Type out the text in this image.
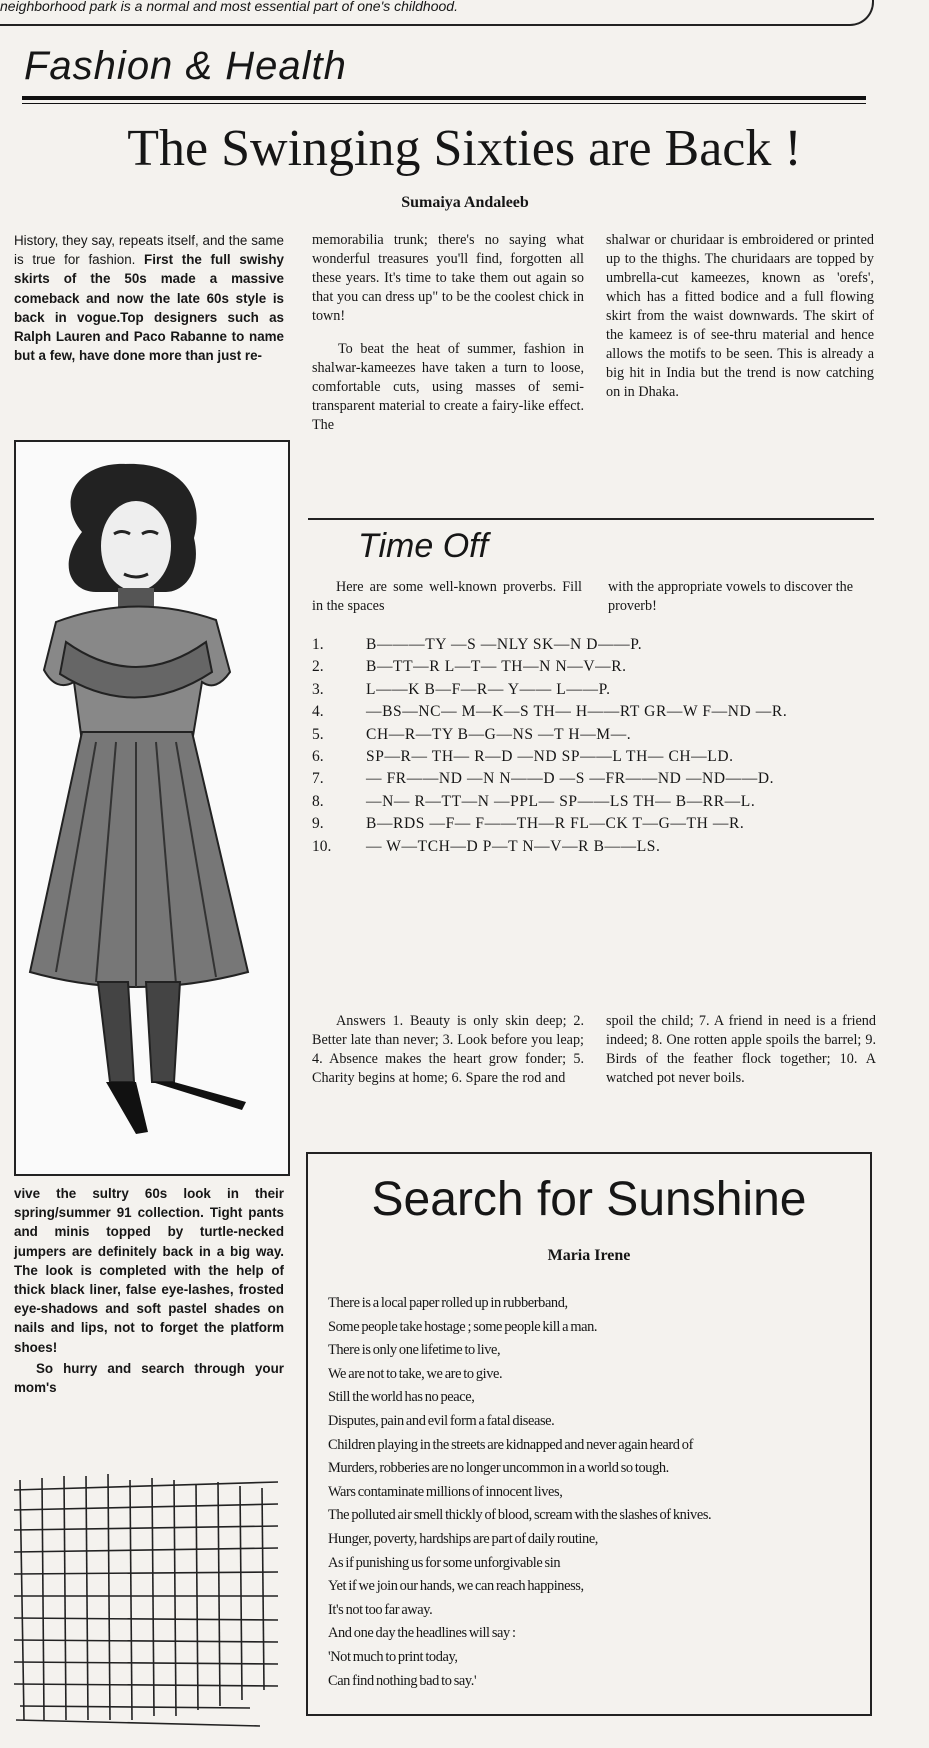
neighborhood park is a normal and most essential part of one's childhood.
Fashion & Health
The Swinging Sixties are Back !
Sumaiya Andaleeb

History, they say, repeats itself, and the same is true for fashion. First the full swishy skirts of the 50s made a massive comeback and now the late 60s style is back in vogue.Top designers such as Ralph Lauren and Paco Rabanne to name but a few, have done more than just re-

vive the sultry 60s look in their spring/summer 91 collection. Tight pants and minis topped by turtle-necked jumpers are definitely back in a big way. The look is completed with the help of thick black liner, false eye-lashes, frosted eye-shadows and soft pastel shades on nails and lips, not to forget the platform shoes!

So hurry and search through your mom's

memorabilia trunk; there's no saying what wonderful treasures you'll find, forgotten all these years. It's time to take them out again so that you can dress up" to be the coolest chick in town!

To beat the heat of summer, fashion in shalwar-kameezes have taken a turn to loose, comfortable cuts, using masses of semi-transparent material to create a fairy-like effect. The

shalwar or churidaar is embroidered or printed up to the thighs. The churidaars are topped by umbrella-cut kameezes, known as 'orefs', which has a fitted bodice and a full flowing skirt from the waist downwards. The skirt of the kameez is of see-thru material and hence allows the motifs to be seen. This is already a big hit in India but the trend is now catching on in Dhaka.

Time Off
Here are some well-known proverbs. Fill in the spaces
with the appropriate vowels to discover the proverb!
1.	B———TY —S —NLY SK—N D——P.
2.	B—TT—R L—T— TH—N N—V—R.
3.	L——K B—F—R— Y—— L——P.
4.	—BS—NC— M—K—S TH— H——RT GR—W F—ND —R.
5.	CH—R—TY B—G—NS —T H—M—.
6.	SP—R— TH— R—D —ND SP——L TH— CH—LD.
7.	— FR——ND —N N——D —S —FR——ND —ND——D.
8.	—N— R—TT—N —PPL— SP——LS TH— B—RR—L.
9.	B—RDS —F— F——TH—R FL—CK T—G—TH —R.
10.	— W—TCH—D P—T N—V—R B——LS.
Answers 1. Beauty is only skin deep; 2. Better late than never; 3. Look before you leap; 4. Absence makes the heart grow fonder; 5. Charity begins at home; 6. Spare the rod and
spoil the child; 7. A friend in need is a friend indeed; 8. One rotten apple spoils the barrel; 9. Birds of the feather flock together; 10. A watched pot never boils.
Search for Sunshine
Maria Irene
There is a local paper rolled up in rubberband,
Some people take hostage ; some people kill a man.
There is only one lifetime to live,
We are not to take, we are to give.
Still the world has no peace,
Disputes, pain and evil form a fatal disease.
Children playing in the streets are kidnapped and never again heard of
Murders, robberies are no longer uncommon in a world so tough.
Wars contaminate millions of innocent lives,
The polluted air smell thickly of blood, scream with the slashes of knives.
Hunger, poverty, hardships are part of daily routine,
As if punishing us for some unforgivable sin
Yet if we join our hands, we can reach happiness,
It's not too far away.
And one day the headlines will say :
'Not much to print today,
Can find nothing bad to say.'
